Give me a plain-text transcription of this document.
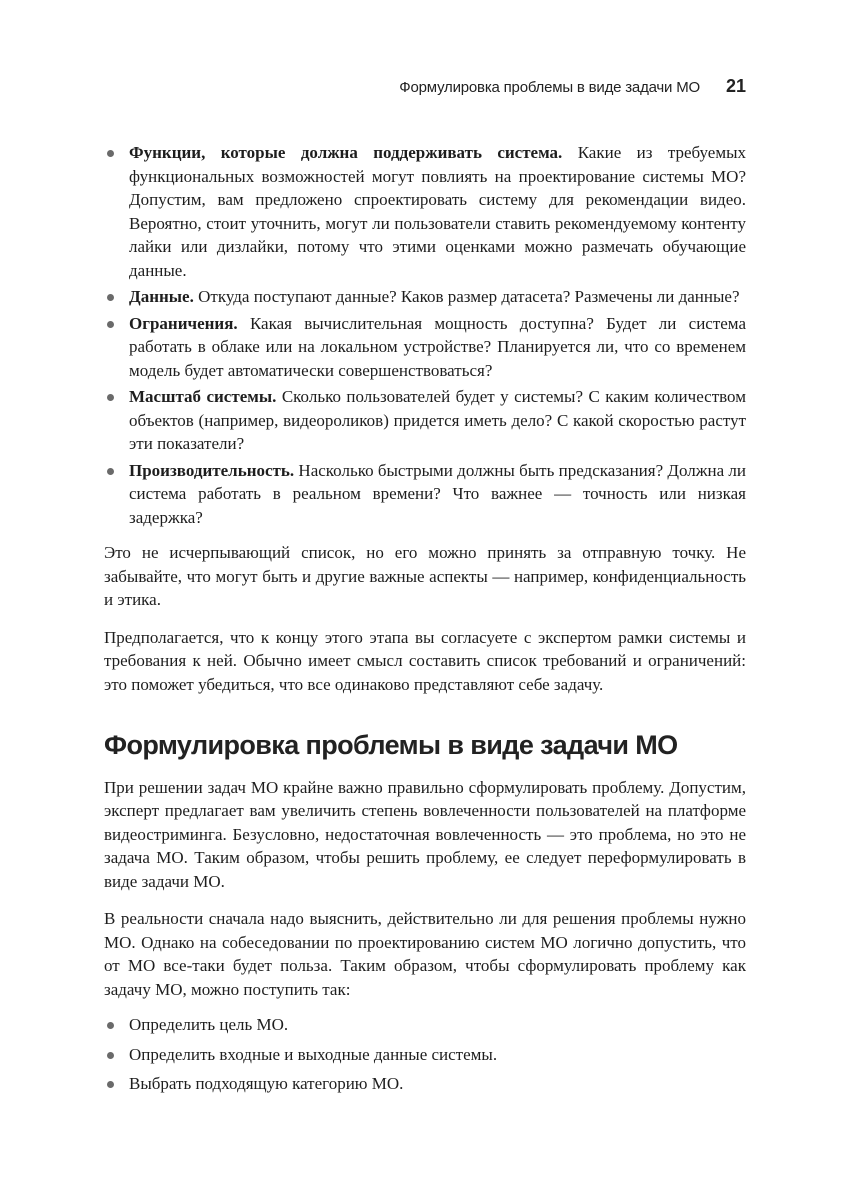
Формулировка проблемы в виде задачи МО 21
Функции, которые должна поддерживать система. Какие из требуемых функциональных возможностей могут повлиять на проектирование системы МО? Допустим, вам предложено спроектировать систему для рекомендации видео. Вероятно, стоит уточнить, могут ли пользователи ставить рекомендуемому контенту лайки или дизлайки, потому что этими оценками можно размечать обучающие данные.
Данные. Откуда поступают данные? Каков размер датасета? Размечены ли данные?
Ограничения. Какая вычислительная мощность доступна? Будет ли система работать в облаке или на локальном устройстве? Планируется ли, что со временем модель будет автоматически совершенствоваться?
Масштаб системы. Сколько пользователей будет у системы? С каким количеством объектов (например, видеороликов) придется иметь дело? С какой скоростью растут эти показатели?
Производительность. Насколько быстрыми должны быть предсказания? Должна ли система работать в реальном времени? Что важнее — точность или низкая задержка?

Это не исчерпывающий список, но его можно принять за отправную точку. Не забывайте, что могут быть и другие важные аспекты — например, конфиденциальность и этика.

Предполагается, что к концу этого этапа вы согласуете с экспертом рамки системы и требования к ней. Обычно имеет смысл составить список требований и ограничений: это поможет убедиться, что все одинаково представляют себе задачу.

Формулировка проблемы в виде задачи МО

При решении задач МО крайне важно правильно сформулировать проблему. Допустим, эксперт предлагает вам увеличить степень вовлеченности пользователей на платформе видеостриминга. Безусловно, недостаточная вовлеченность — это проблема, но это не задача МО. Таким образом, чтобы решить проблему, ее следует переформулировать в виде задачи МО.

В реальности сначала надо выяснить, действительно ли для решения проблемы нужно МО. Однако на собеседовании по проектированию систем МО логично допустить, что от МО все-таки будет польза. Таким образом, чтобы сформулировать проблему как задачу МО, можно поступить так:

Определить цель МО.
Определить входные и выходные данные системы.
Выбрать подходящую категорию МО.
